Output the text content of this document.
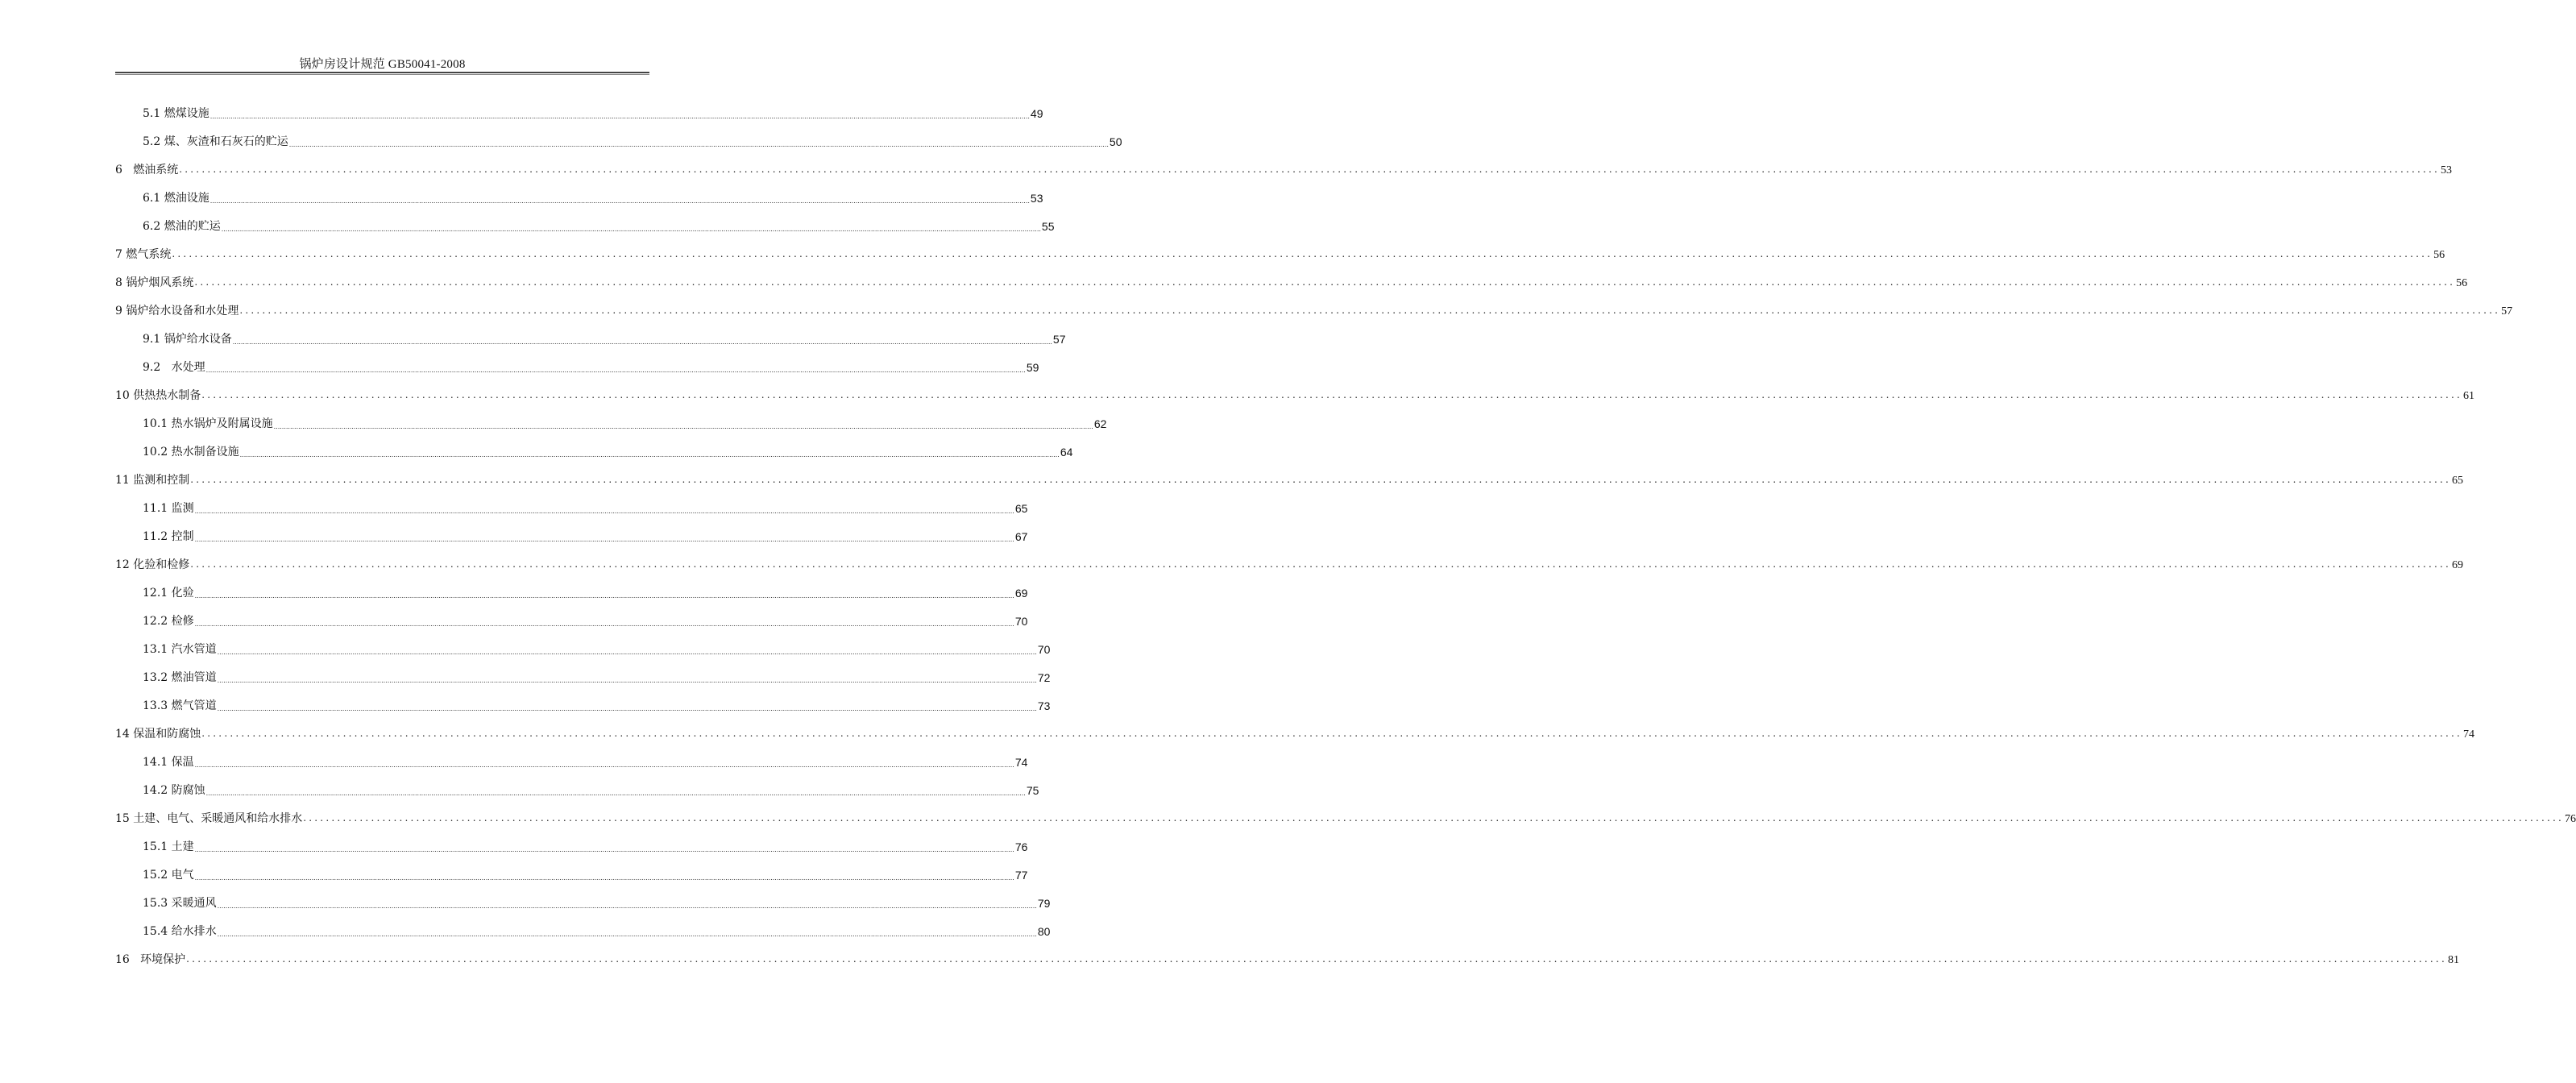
锅炉房设计规范 GB50041-2008
5.1 燃煤设施 ................................................................................................................................................................................................................................................................................................................................................................................................................ 49
5.2 煤、灰渣和石灰石的贮运 ................................................................................................................................................................................................................................................................................................................................................................................................................ 50
6   燃油系统 ................................................................................................................................................................................................................................................................................................................................................................................................................ 53
6.1 燃油设施 ................................................................................................................................................................................................................................................................................................................................................................................................................ 53
6.2 燃油的贮运 ................................................................................................................................................................................................................................................................................................................................................................................................................ 55
7 燃气系统 ................................................................................................................................................................................................................................................................................................................................................................................................................ 56
8 锅炉烟风系统 ................................................................................................................................................................................................................................................................................................................................................................................................................ 56
9 锅炉给水设备和水处理 ................................................................................................................................................................................................................................................................................................................................................................................................................ 57
9.1 锅炉给水设备 ................................................................................................................................................................................................................................................................................................................................................................................................................ 57
9.2   水处理 ................................................................................................................................................................................................................................................................................................................................................................................................................ 59
10 供热热水制备 ................................................................................................................................................................................................................................................................................................................................................................................................................ 61
10.1 热水锅炉及附属设施 ................................................................................................................................................................................................................................................................................................................................................................................................................ 62
10.2 热水制备设施 ................................................................................................................................................................................................................................................................................................................................................................................................................ 64
11 监测和控制 ................................................................................................................................................................................................................................................................................................................................................................................................................ 65
11.1 监测 ................................................................................................................................................................................................................................................................................................................................................................................................................ 65
11.2 控制 ................................................................................................................................................................................................................................................................................................................................................................................................................ 67
12 化验和检修 ................................................................................................................................................................................................................................................................................................................................................................................................................ 69
12.1 化验 ................................................................................................................................................................................................................................................................................................................................................................................................................ 69
12.2 检修 ................................................................................................................................................................................................................................................................................................................................................................................................................ 70
13.1 汽水管道 ................................................................................................................................................................................................................................................................................................................................................................................................................ 70
13.2 燃油管道 ................................................................................................................................................................................................................................................................................................................................................................................................................ 72
13.3 燃气管道 ................................................................................................................................................................................................................................................................................................................................................................................................................ 73
14 保温和防腐蚀 ................................................................................................................................................................................................................................................................................................................................................................................................................ 74
14.1 保温 ................................................................................................................................................................................................................................................................................................................................................................................................................ 74
14.2 防腐蚀 ................................................................................................................................................................................................................................................................................................................................................................................................................ 75
15 土建、电气、采暖通风和给水排水 ................................................................................................................................................................................................................................................................................................................................................................................................................ 76
15.1 土建 ................................................................................................................................................................................................................................................................................................................................................................................................................ 76
15.2 电气 ................................................................................................................................................................................................................................................................................................................................................................................................................ 77
15.3 采暖通风 ................................................................................................................................................................................................................................................................................................................................................................................................................ 79
15.4 给水排水 ................................................................................................................................................................................................................................................................................................................................................................................................................ 80
16   环境保护 ................................................................................................................................................................................................................................................................................................................................................................................................................ 81
